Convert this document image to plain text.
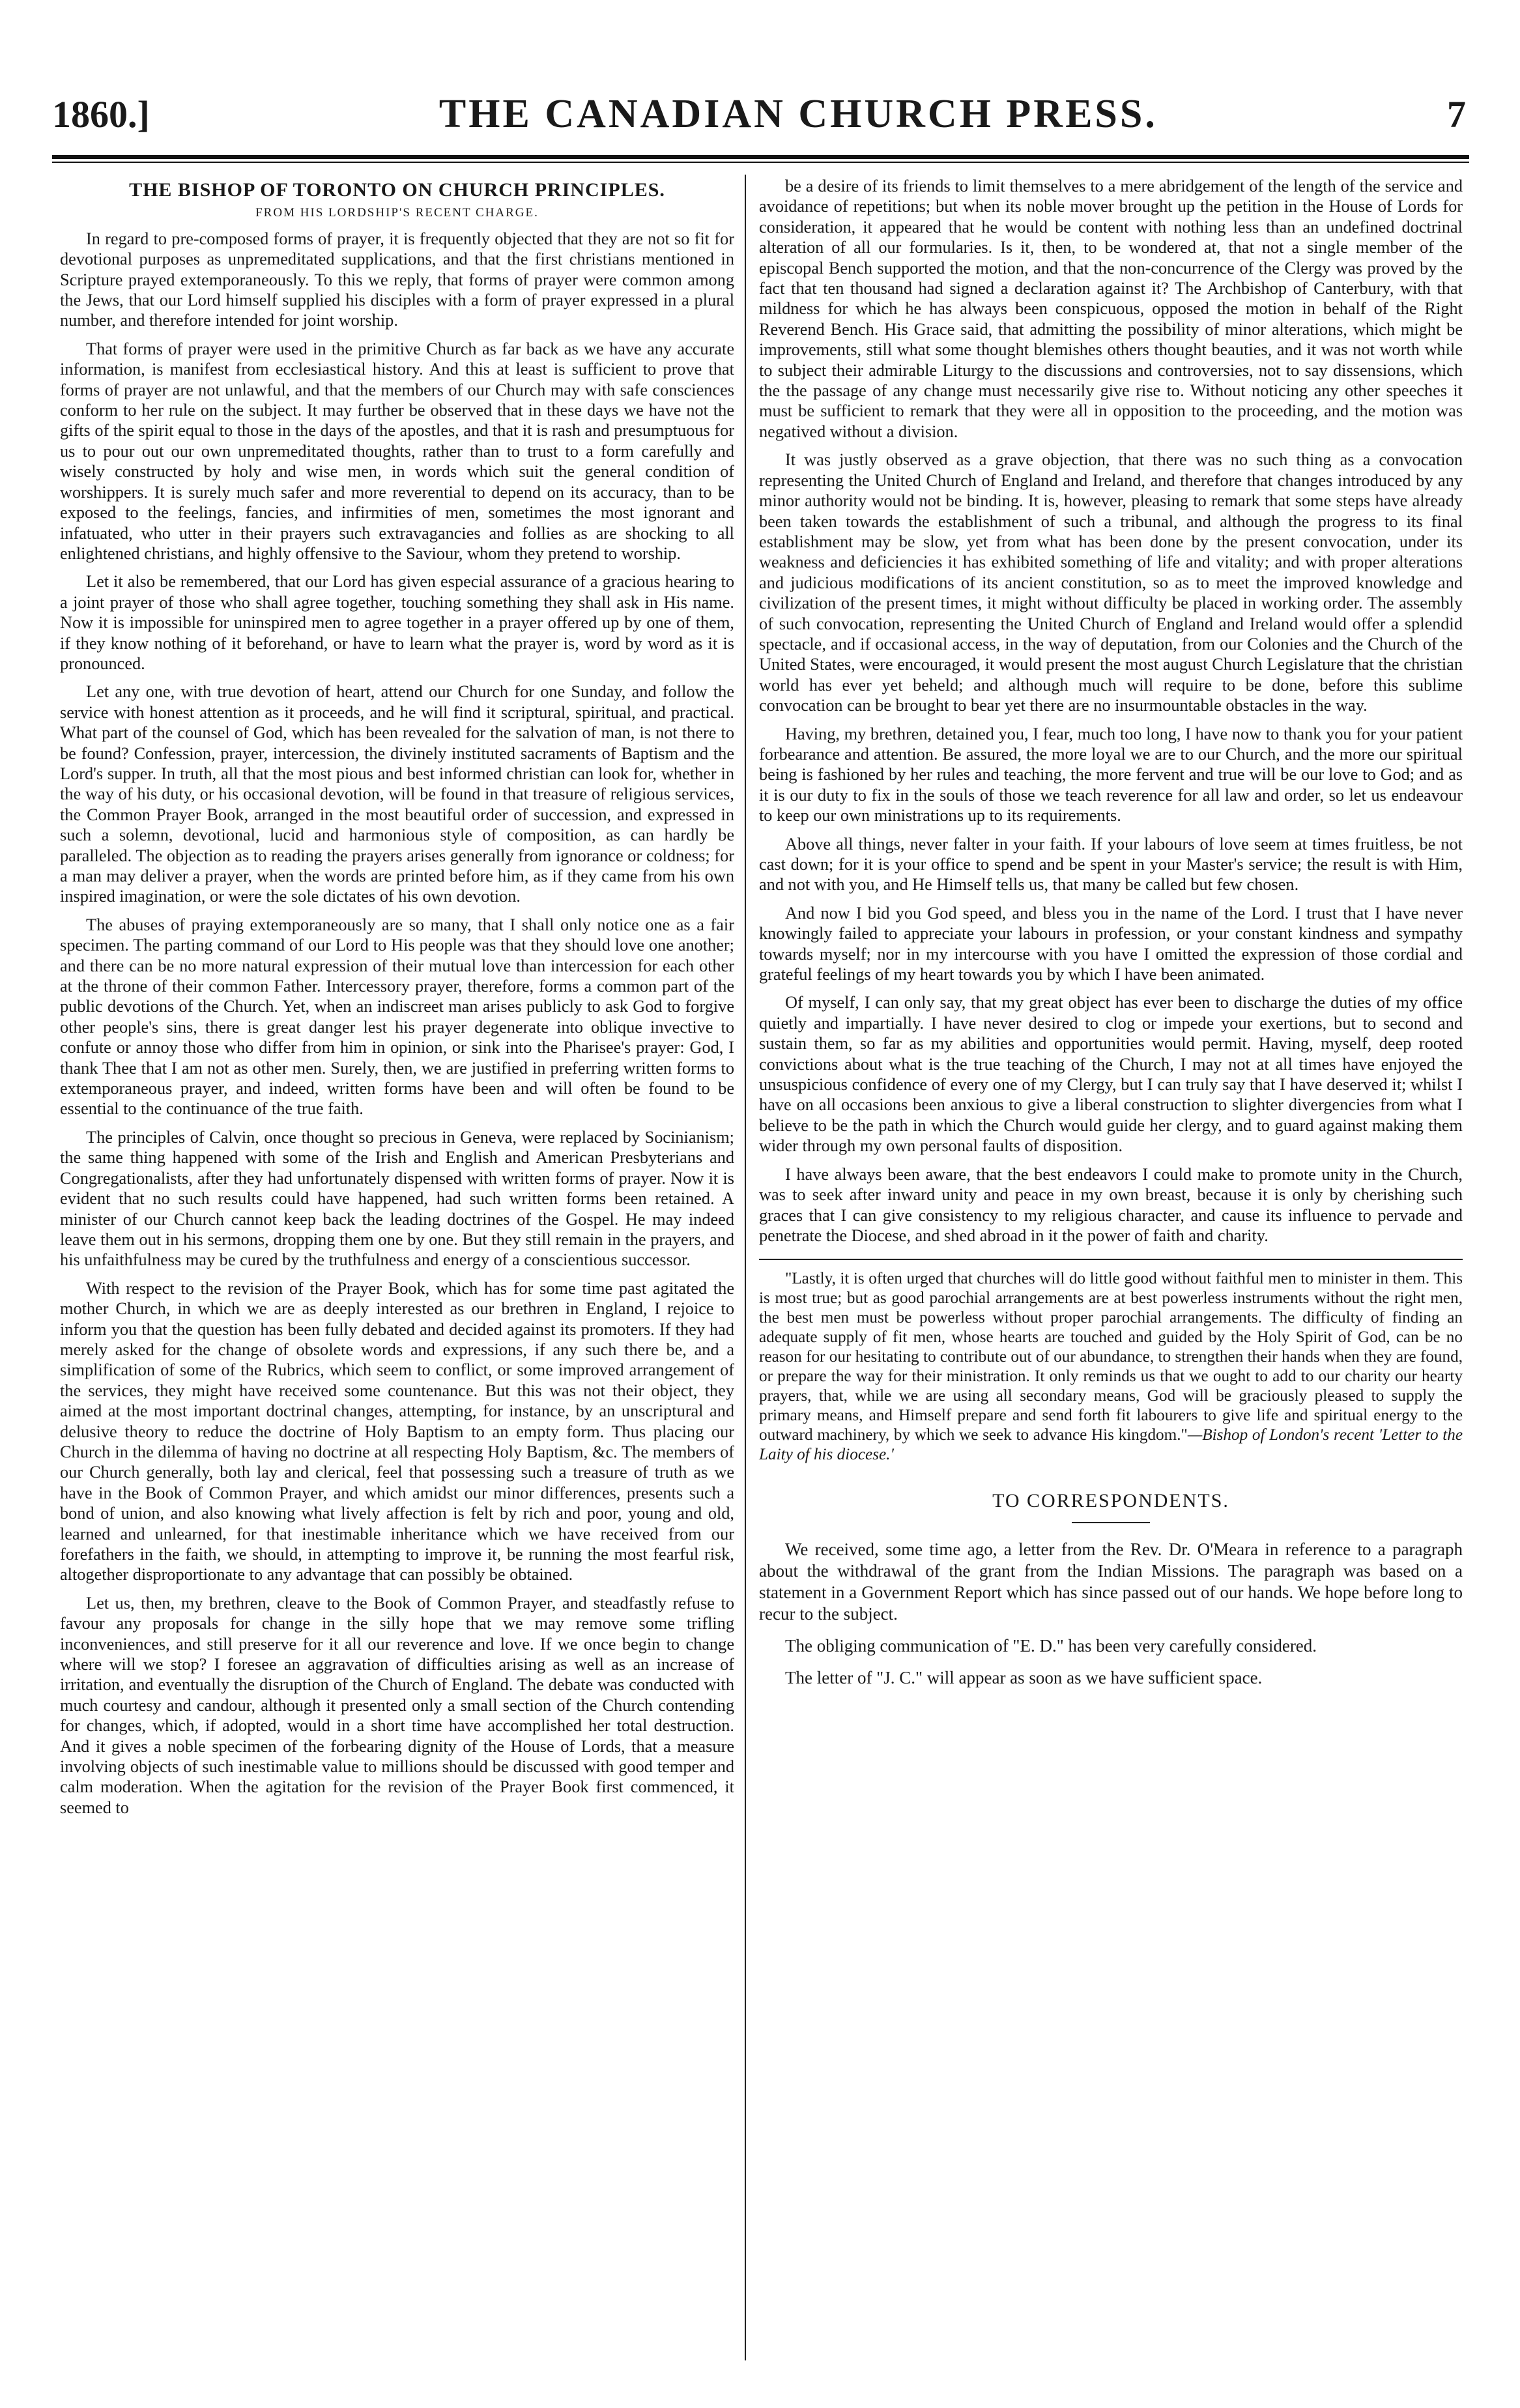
1860.]	THE CANADIAN CHURCH PRESS.	7
THE BISHOP OF TORONTO ON CHURCH PRINCIPLES.
FROM HIS LORDSHIP'S RECENT CHARGE.

In regard to pre-composed forms of prayer, it is frequently objected that they are not so fit for devotional purposes as unpremeditated supplications, and that the first christians mentioned in Scripture prayed extemporaneously. To this we reply, that forms of prayer were common among the Jews, that our Lord himself supplied his disciples with a form of prayer expressed in a plural number, and therefore intended for joint worship.

That forms of prayer were used in the primitive Church as far back as we have any accurate information, is manifest from ecclesiastical history. And this at least is sufficient to prove that forms of prayer are not unlawful, and that the members of our Church may with safe consciences conform to her rule on the subject. It may further be observed that in these days we have not the gifts of the spirit equal to those in the days of the apostles, and that it is rash and presumptuous for us to pour out our own unpremeditated thoughts, rather than to trust to a form carefully and wisely constructed by holy and wise men, in words which suit the general condition of worshippers. It is surely much safer and more reverential to depend on its accuracy, than to be exposed to the feelings, fancies, and infirmities of men, sometimes the most ignorant and infatuated, who utter in their prayers such extravagancies and follies as are shocking to all enlightened christians, and highly offensive to the Saviour, whom they pretend to worship.

Let it also be remembered, that our Lord has given especial assurance of a gracious hearing to a joint prayer of those who shall agree together, touching something they shall ask in His name. Now it is impossible for uninspired men to agree together in a prayer offered up by one of them, if they know nothing of it beforehand, or have to learn what the prayer is, word by word as it is pronounced.

Let any one, with true devotion of heart, attend our Church for one Sunday, and follow the service with honest attention as it proceeds, and he will find it scriptural, spiritual, and practical. What part of the counsel of God, which has been revealed for the salvation of man, is not there to be found? Confession, prayer, intercession, the divinely instituted sacraments of Baptism and the Lord's supper. In truth, all that the most pious and best informed christian can look for, whether in the way of his duty, or his occasional devotion, will be found in that treasure of religious services, the Common Prayer Book, arranged in the most beautiful order of succession, and expressed in such a solemn, devotional, lucid and harmonious style of composition, as can hardly be paralleled. The objection as to reading the prayers arises generally from ignorance or coldness; for a man may deliver a prayer, when the words are printed before him, as if they came from his own inspired imagination, or were the sole dictates of his own devotion.

The abuses of praying extemporaneously are so many, that I shall only notice one as a fair specimen. The parting command of our Lord to His people was that they should love one another; and there can be no more natural expression of their mutual love than intercession for each other at the throne of their common Father. Intercessory prayer, therefore, forms a common part of the public devotions of the Church. Yet, when an indiscreet man arises publicly to ask God to forgive other people's sins, there is great danger lest his prayer degenerate into oblique invective to confute or annoy those who differ from him in opinion, or sink into the Pharisee's prayer: God, I thank Thee that I am not as other men. Surely, then, we are justified in preferring written forms to extemporaneous prayer, and indeed, written forms have been and will often be found to be essential to the continuance of the true faith.

The principles of Calvin, once thought so precious in Geneva, were replaced by Socinianism; the same thing happened with some of the Irish and English and American Presbyterians and Congregationalists, after they had unfortunately dispensed with written forms of prayer. Now it is evident that no such results could have happened, had such written forms been retained. A minister of our Church cannot keep back the leading doctrines of the Gospel. He may indeed leave them out in his sermons, dropping them one by one. But they still remain in the prayers, and his unfaithfulness may be cured by the truthfulness and energy of a conscientious successor.

With respect to the revision of the Prayer Book, which has for some time past agitated the mother Church, in which we are as deeply interested as our brethren in England, I rejoice to inform you that the question has been fully debated and decided against its promoters. If they had merely asked for the change of obsolete words and expressions, if any such there be, and a simplification of some of the Rubrics, which seem to conflict, or some improved arrangement of the services, they might have received some countenance. But this was not their object, they aimed at the most important doctrinal changes, attempting, for instance, by an unscriptural and delusive theory to reduce the doctrine of Holy Baptism to an empty form. Thus placing our Church in the dilemma of having no doctrine at all respecting Holy Baptism, &c. The members of our Church generally, both lay and clerical, feel that possessing such a treasure of truth as we have in the Book of Common Prayer, and which amidst our minor differences, presents such a bond of union, and also knowing what lively affection is felt by rich and poor, young and old, learned and unlearned, for that inestimable inheritance which we have received from our forefathers in the faith, we should, in attempting to improve it, be running the most fearful risk, altogether disproportionate to any advantage that can possibly be obtained.

Let us, then, my brethren, cleave to the Book of Common Prayer, and steadfastly refuse to favour any proposals for change in the silly hope that we may remove some trifling inconveniences, and still preserve for it all our reverence and love. If we once begin to change where will we stop? I foresee an aggravation of difficulties arising as well as an increase of irritation, and eventually the disruption of the Church of England. The debate was conducted with much courtesy and candour, although it presented only a small section of the Church contending for changes, which, if adopted, would in a short time have accomplished her total destruction. And it gives a noble specimen of the forbearing dignity of the House of Lords, that a measure involving objects of such inestimable value to millions should be discussed with good temper and calm moderation. When the agitation for the revision of the Prayer Book first commenced, it seemed to

be a desire of its friends to limit themselves to a mere abridgement of the length of the service and avoidance of repetitions; but when its noble mover brought up the petition in the House of Lords for consideration, it appeared that he would be content with nothing less than an undefined doctrinal alteration of all our formularies. Is it, then, to be wondered at, that not a single member of the episcopal Bench supported the motion, and that the non-concurrence of the Clergy was proved by the fact that ten thousand had signed a declaration against it? The Archbishop of Canterbury, with that mildness for which he has always been conspicuous, opposed the motion in behalf of the Right Reverend Bench. His Grace said, that admitting the possibility of minor alterations, which might be improvements, still what some thought blemishes others thought beauties, and it was not worth while to subject their admirable Liturgy to the discussions and controversies, not to say dissensions, which the the passage of any change must necessarily give rise to. Without noticing any other speeches it must be sufficient to remark that they were all in opposition to the proceeding, and the motion was negatived without a division.

It was justly observed as a grave objection, that there was no such thing as a convocation representing the United Church of England and Ireland, and therefore that changes introduced by any minor authority would not be binding. It is, however, pleasing to remark that some steps have already been taken towards the establishment of such a tribunal, and although the progress to its final establishment may be slow, yet from what has been done by the present convocation, under its weakness and deficiencies it has exhibited something of life and vitality; and with proper alterations and judicious modifications of its ancient constitution, so as to meet the improved knowledge and civilization of the present times, it might without difficulty be placed in working order. The assembly of such convocation, representing the United Church of England and Ireland would offer a splendid spectacle, and if occasional access, in the way of deputation, from our Colonies and the Church of the United States, were encouraged, it would present the most august Church Legislature that the christian world has ever yet beheld; and although much will require to be done, before this sublime convocation can be brought to bear yet there are no insurmountable obstacles in the way.

Having, my brethren, detained you, I fear, much too long, I have now to thank you for your patient forbearance and attention. Be assured, the more loyal we are to our Church, and the more our spiritual being is fashioned by her rules and teaching, the more fervent and true will be our love to God; and as it is our duty to fix in the souls of those we teach reverence for all law and order, so let us endeavour to keep our own ministrations up to its requirements.

Above all things, never falter in your faith. If your labours of love seem at times fruitless, be not cast down; for it is your office to spend and be spent in your Master's service; the result is with Him, and not with you, and He Himself tells us, that many be called but few chosen.

And now I bid you God speed, and bless you in the name of the Lord. I trust that I have never knowingly failed to appreciate your labours in profession, or your constant kindness and sympathy towards myself; nor in my intercourse with you have I omitted the expression of those cordial and grateful feelings of my heart towards you by which I have been animated.

Of myself, I can only say, that my great object has ever been to discharge the duties of my office quietly and impartially. I have never desired to clog or impede your exertions, but to second and sustain them, so far as my abilities and opportunities would permit. Having, myself, deep rooted convictions about what is the true teaching of the Church, I may not at all times have enjoyed the unsuspicious confidence of every one of my Clergy, but I can truly say that I have deserved it; whilst I have on all occasions been anxious to give a liberal construction to slighter divergencies from what I believe to be the path in which the Church would guide her clergy, and to guard against making them wider through my own personal faults of disposition.

I have always been aware, that the best endeavors I could make to promote unity in the Church, was to seek after inward unity and peace in my own breast, because it is only by cherishing such graces that I can give consistency to my religious character, and cause its influence to pervade and penetrate the Diocese, and shed abroad in it the power of faith and charity.

"Lastly, it is often urged that churches will do little good without faithful men to minister in them. This is most true; but as good parochial arrangements are at best powerless instruments without the right men, the best men must be powerless without proper parochial arrangements. The difficulty of finding an adequate supply of fit men, whose hearts are touched and guided by the Holy Spirit of God, can be no reason for our hesitating to contribute out of our abundance, to strengthen their hands when they are found, or prepare the way for their ministration. It only reminds us that we ought to add to our charity our hearty prayers, that, while we are using all secondary means, God will be graciously pleased to supply the primary means, and Himself prepare and send forth fit labourers to give life and spiritual energy to the outward machinery, by which we seek to advance His kingdom."—Bishop of London's recent 'Letter to the Laity of his diocese.'

TO CORRESPONDENTS.

We received, some time ago, a letter from the Rev. Dr. O'Meara in reference to a paragraph about the withdrawal of the grant from the Indian Missions. The paragraph was based on a statement in a Government Report which has since passed out of our hands. We hope before long to recur to the subject.

The obliging communication of "E. D." has been very carefully considered.

The letter of "J. C." will appear as soon as we have sufficient space.
